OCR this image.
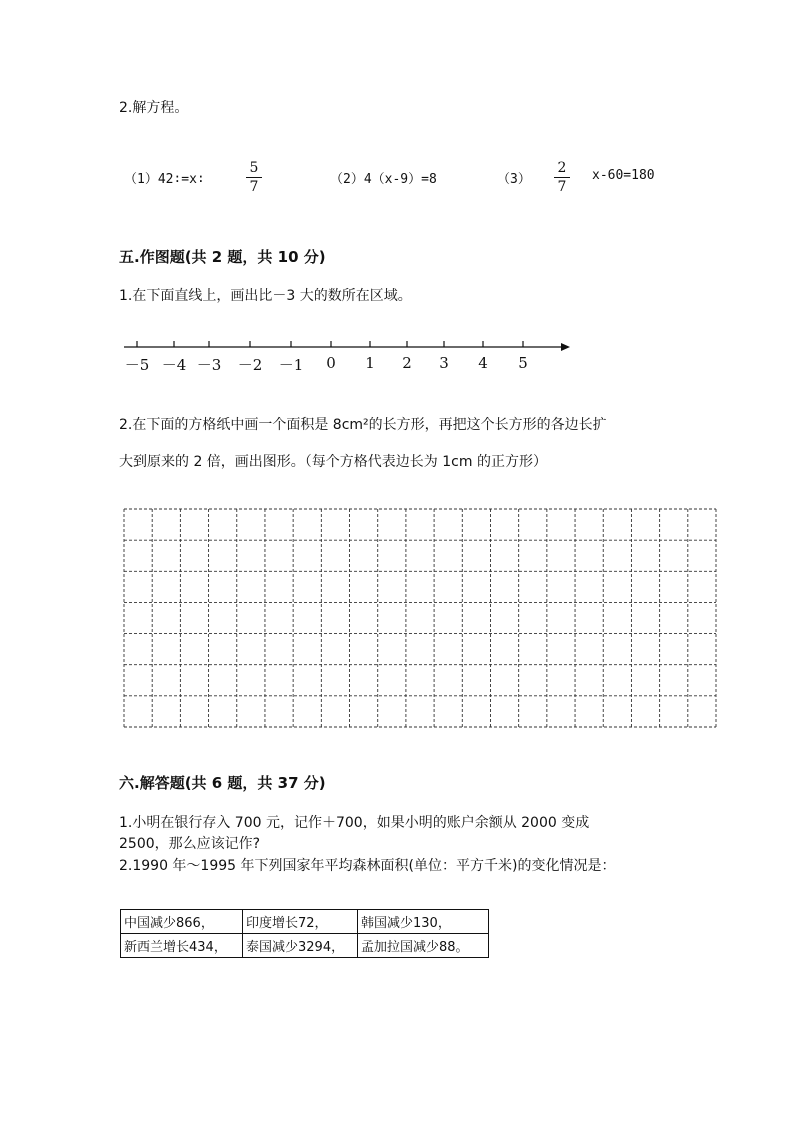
2.解方程。
（1）42∶=x∶
5
7	（2）4（x-9）=8	（3）
2
7
x-60=180
五.作图题(共 2 题，共 10 分)
1.在下面直线上，画出比－3 大的数所在区域。
－5 －4 －3 －2 －1	0	1	2	3	4	5
2.在下面的方格纸中画一个面积是 8cm²的长方形，再把这个长方形的各边长扩
大到原来的 2 倍，画出图形。（每个方格代表边长为 1cm 的正方形）
六.解答题(共 6 题，共 37 分)
1.小明在银行存入 700 元，记作＋700，如果小明的账户余额从 2000 变成
2500，那么应该记作?
2.1990 年～1995 年下列国家年平均森林面积(单位：平方千米)的变化情况是：
中国减少866，	印度增长72，	韩国减少130，
新西兰增长434，	泰国减少3294，	孟加拉国减少88。
